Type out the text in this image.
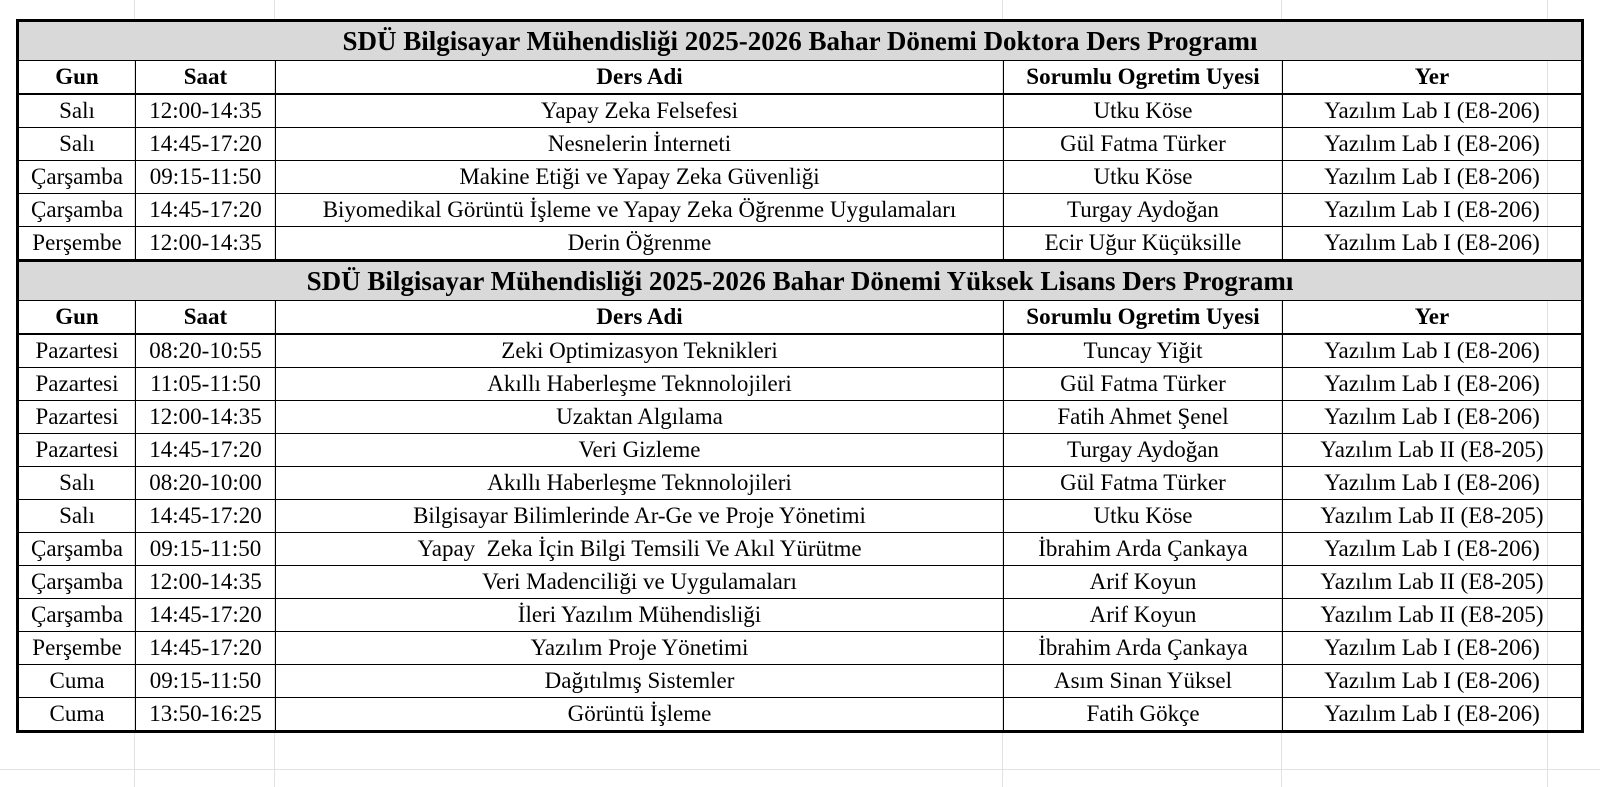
SDÜ Bilgisayar Mühendisliği 2025-2026 Bahar Dönemi Doktora Ders Programı				
Gun	Saat	Ders Adi	Sorumlu Ogretim Uyesi	Yer
Salı	12:00-14:35	Yapay Zeka Felsefesi	Utku Köse	Yazılım Lab I (E8-206)
Salı	14:45-17:20	Nesnelerin İnterneti	Gül Fatma Türker	Yazılım Lab I (E8-206)
Çarşamba	09:15-11:50	Makine Etiği ve Yapay Zeka Güvenliği	Utku Köse	Yazılım Lab I (E8-206)
Çarşamba	14:45-17:20	Biyomedikal Görüntü İşleme ve Yapay Zeka Öğrenme Uygulamaları	Turgay Aydoğan	Yazılım Lab I (E8-206)
Perşembe	12:00-14:35	Derin Öğrenme	Ecir Uğur Küçüksille	Yazılım Lab I (E8-206)
SDÜ Bilgisayar Mühendisliği 2025-2026 Bahar Dönemi Yüksek Lisans Ders Programı				
Gun	Saat	Ders Adi	Sorumlu Ogretim Uyesi	Yer
Pazartesi	08:20-10:55	Zeki Optimizasyon Teknikleri	Tuncay Yiğit	Yazılım Lab I (E8-206)
Pazartesi	11:05-11:50	Akıllı Haberleşme Teknnolojileri	Gül Fatma Türker	Yazılım Lab I (E8-206)
Pazartesi	12:00-14:35	Uzaktan Algılama	Fatih Ahmet Şenel	Yazılım Lab I (E8-206)
Pazartesi	14:45-17:20	Veri Gizleme	Turgay Aydoğan	Yazılım Lab II (E8-205)
Salı	08:20-10:00	Akıllı Haberleşme Teknnolojileri	Gül Fatma Türker	Yazılım Lab I (E8-206)
Salı	14:45-17:20	Bilgisayar Bilimlerinde Ar-Ge ve Proje Yönetimi	Utku Köse	Yazılım Lab II (E8-205)
Çarşamba	09:15-11:50	Yapay  Zeka İçin Bilgi Temsili Ve Akıl Yürütme	İbrahim Arda Çankaya	Yazılım Lab I (E8-206)
Çarşamba	12:00-14:35	Veri Madenciliği ve Uygulamaları	Arif Koyun	Yazılım Lab II (E8-205)
Çarşamba	14:45-17:20	İleri Yazılım Mühendisliği	Arif Koyun	Yazılım Lab II (E8-205)
Perşembe	14:45-17:20	Yazılım Proje Yönetimi	İbrahim Arda Çankaya	Yazılım Lab I (E8-206)
Cuma	09:15-11:50	Dağıtılmış Sistemler	Asım Sinan Yüksel	Yazılım Lab I (E8-206)
Cuma	13:50-16:25	Görüntü İşleme	Fatih Gökçe	Yazılım Lab I (E8-206)
